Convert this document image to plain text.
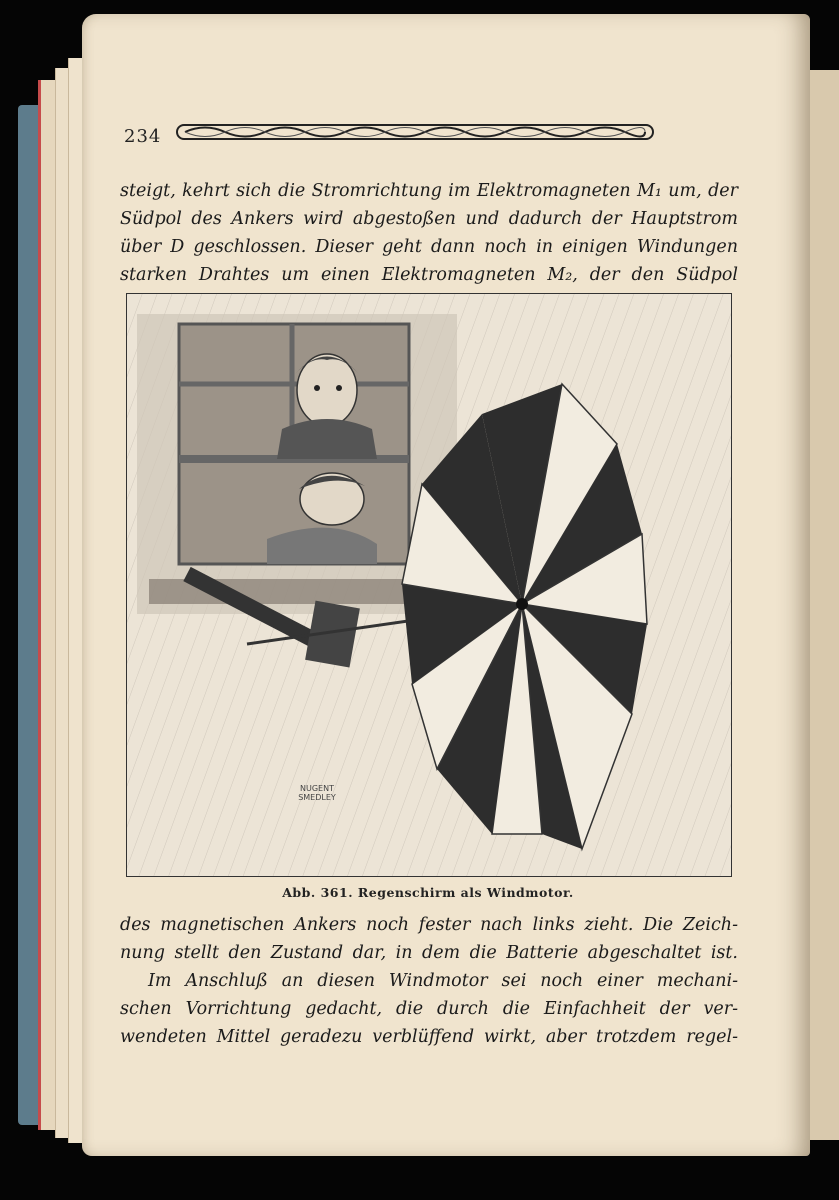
234
steigt, kehrt sich die Stromrichtung im Elektromagneten M₁ um, der
Südpol des Ankers wird abgestoßen und dadurch der Hauptstrom
über D geschlossen. Dieser geht dann noch in einigen Windungen
starken Drahtes um einen Elektromagneten M₂, der den Südpol
NUGENT SMEDLEY
Abb. 361. Regenschirm als Windmotor.
des magnetischen Ankers noch fester nach links zieht. Die Zeich-
nung stellt den Zustand dar, in dem die Batterie abgeschaltet ist.
Im Anschluß an diesen Windmotor sei noch einer mechani-
schen Vorrichtung gedacht, die durch die Einfachheit der ver-
wendeten Mittel geradezu verblüffend wirkt, aber trotzdem regel-
